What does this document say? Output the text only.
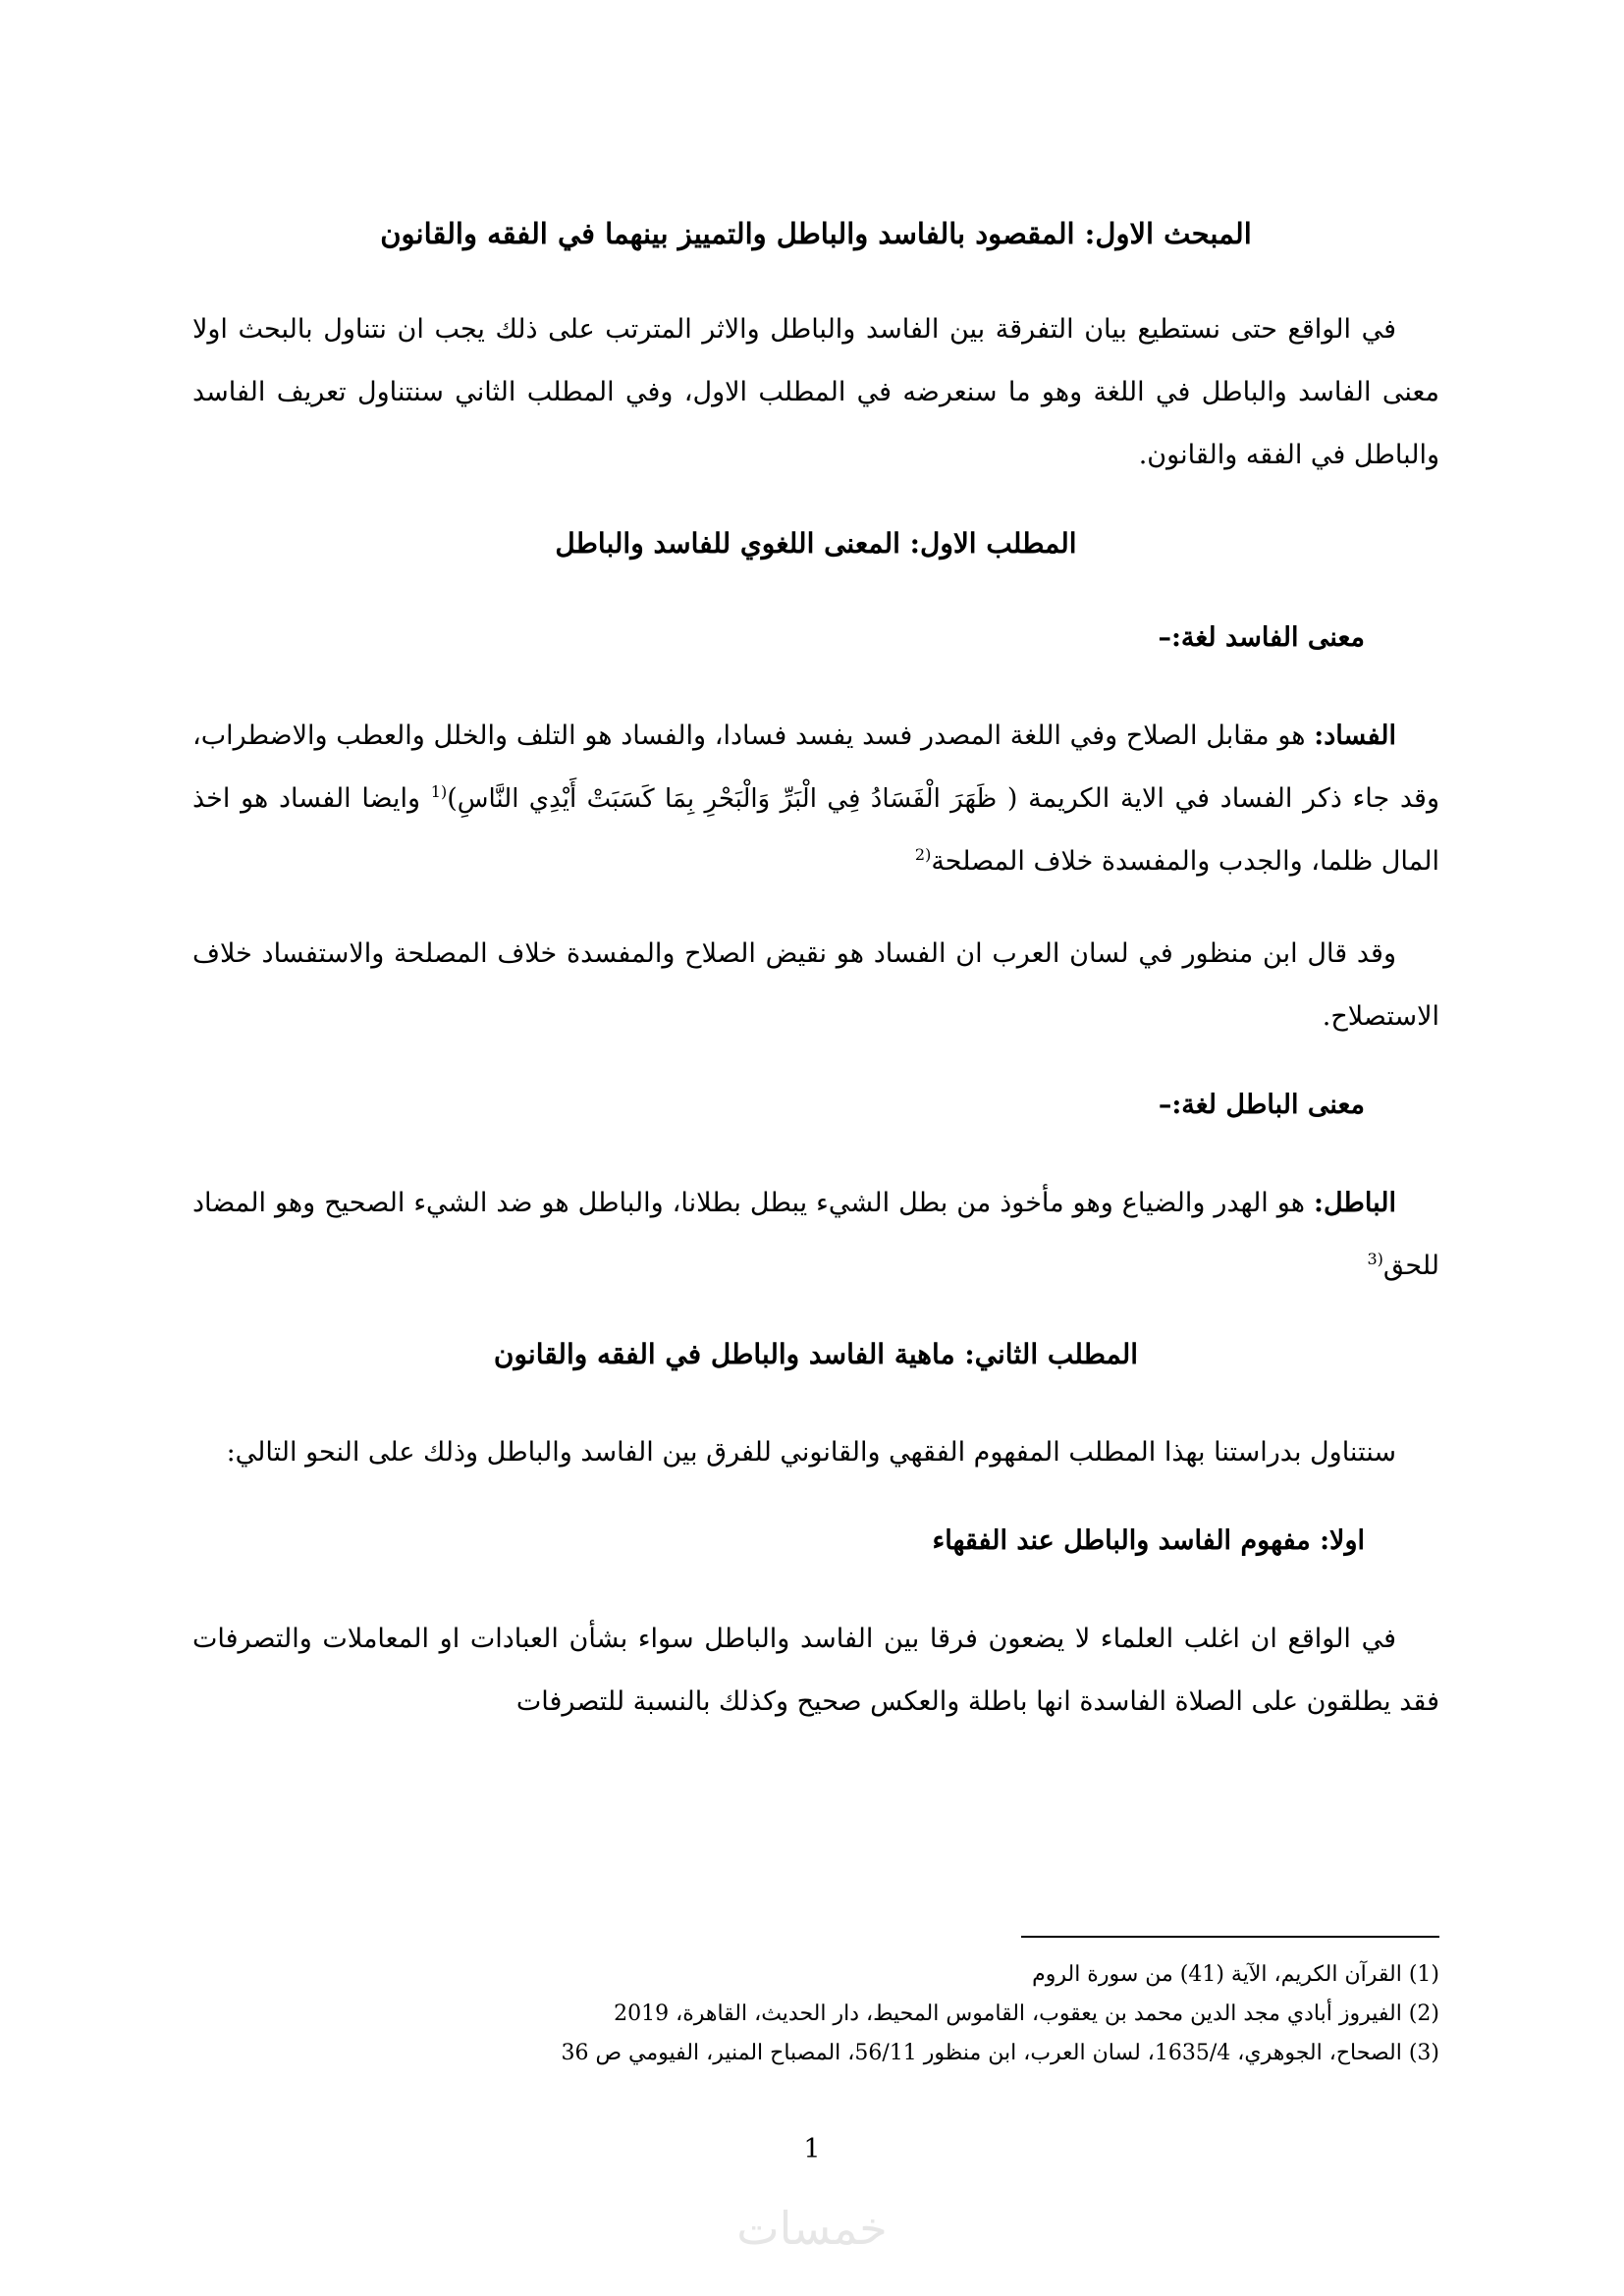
المبحث الاول: المقصود بالفاسد والباطل والتمييز بينهما في الفقه والقانون

في الواقع حتى نستطيع بيان التفرقة بين الفاسد والباطل والاثر المترتب على ذلك يجب ان نتناول بالبحث اولا معنى الفاسد والباطل في اللغة وهو ما سنعرضه في المطلب الاول، وفي المطلب الثاني سنتناول تعريف الفاسد والباطل في الفقه والقانون.

المطلب الاول: المعنى اللغوي للفاسد والباطل
معنى الفاسد لغة:–

الفساد: هو مقابل الصلاح وفي اللغة المصدر فسد يفسد فسادا، والفساد هو التلف والخلل والعطب والاضطراب، وقد جاء ذكر الفساد في الاية الكريمة ( ظَهَرَ الْفَسَادُ فِي الْبَرِّ وَالْبَحْرِ بِمَا كَسَبَتْ أَيْدِي النَّاسِ)$^{(1}$ وايضا الفساد هو اخذ المال ظلما، والجدب والمفسدة خلاف المصلحة$^{(2}$

وقد قال ابن منظور في لسان العرب ان الفساد هو نقيض الصلاح والمفسدة خلاف المصلحة والاستفساد خلاف الاستصلاح.

معنى الباطل لغة:–

الباطل: هو الهدر والضياع وهو مأخوذ من بطل الشيء يبطل بطلانا، والباطل هو ضد الشيء الصحيح وهو المضاد للحق$^{(3}$

المطلب الثاني: ماهية الفاسد والباطل في الفقه والقانون

سنتناول بدراستنا بهذا المطلب المفهوم الفقهي والقانوني للفرق بين الفاسد والباطل وذلك على النحو التالي:

اولا: مفهوم الفاسد والباطل عند الفقهاء

في الواقع ان اغلب العلماء لا يضعون فرقا بين الفاسد والباطل سواء بشأن العبادات او المعاملات والتصرفات فقد يطلقون على الصلاة الفاسدة انها باطلة والعكس صحيح وكذلك بالنسبة للتصرفات

(1) القرآن الكريم، الآية (41) من سورة الروم

(2) الفيروز أبادي مجد الدين محمد بن يعقوب، القاموس المحيط، دار الحديث، القاهرة، 2019

(3) الصحاح، الجوهري، 1635/4، لسان العرب، ابن منظور 56/11، المصباح المنير، الفيومي ص 36

1
خمسات
